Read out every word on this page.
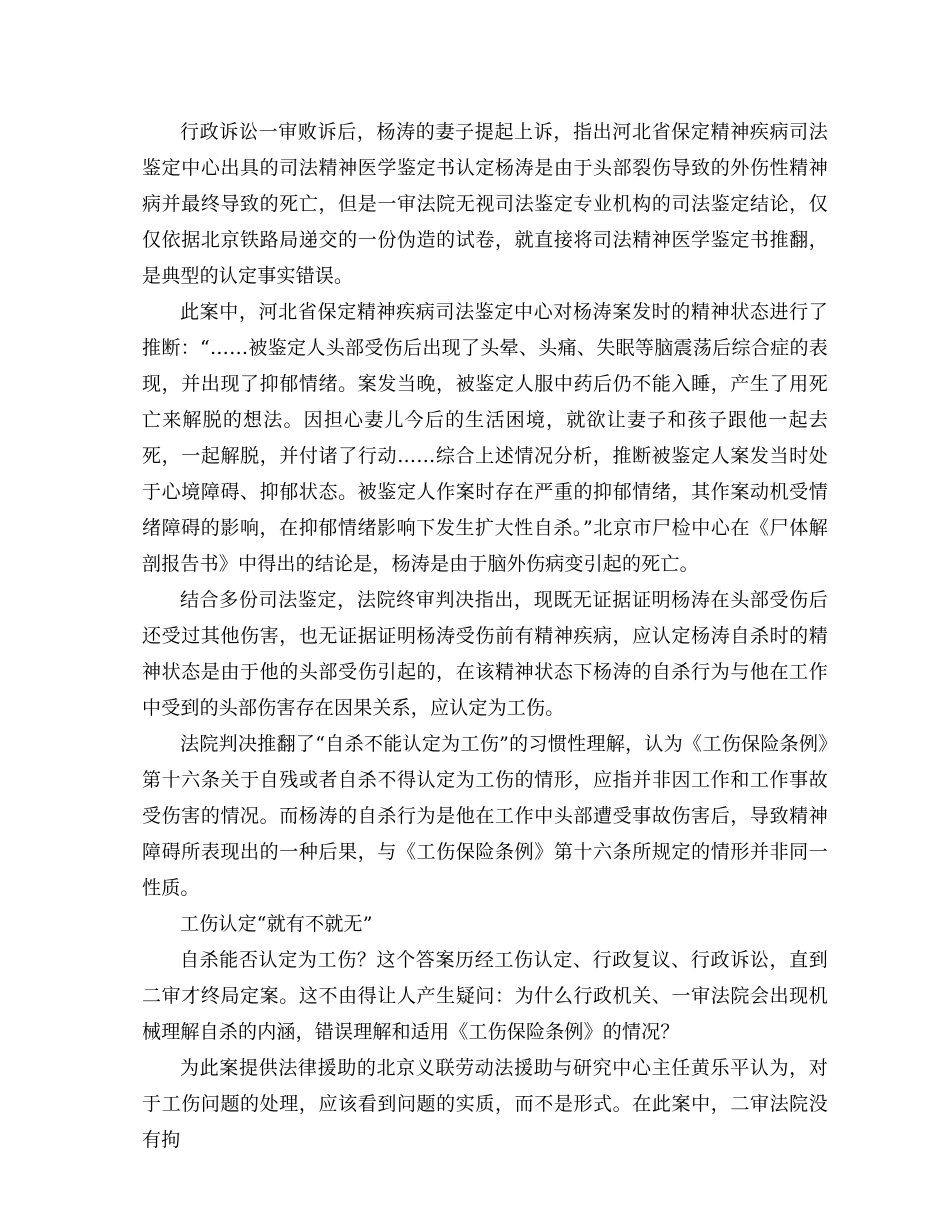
行政诉讼一审败诉后，杨涛的妻子提起上诉，指出河北省保定精神疾病司法鉴定中心出具的司法精神医学鉴定书认定杨涛是由于头部裂伤导致的外伤性精神病并最终导致的死亡，但是一审法院无视司法鉴定专业机构的司法鉴定结论，仅仅依据北京铁路局递交的一份伪造的试卷，就直接将司法精神医学鉴定书推翻，是典型的认定事实错误。

此案中，河北省保定精神疾病司法鉴定中心对杨涛案发时的精神状态进行了推断：“……被鉴定人头部受伤后出现了头晕、头痛、失眠等脑震荡后综合症的表现，并出现了抑郁情绪。案发当晚，被鉴定人服中药后仍不能入睡，产生了用死亡来解脱的想法。因担心妻儿今后的生活困境，就欲让妻子和孩子跟他一起去死，一起解脱，并付诸了行动……综合上述情况分析，推断被鉴定人案发当时处于心境障碍、抑郁状态。被鉴定人作案时存在严重的抑郁情绪，其作案动机受情绪障碍的影响，在抑郁情绪影响下发生扩大性自杀。”北京市尸检中心在《尸体解剖报告书》中得出的结论是，杨涛是由于脑外伤病变引起的死亡。

结合多份司法鉴定，法院终审判决指出，现既无证据证明杨涛在头部受伤后还受过其他伤害，也无证据证明杨涛受伤前有精神疾病，应认定杨涛自杀时的精神状态是由于他的头部受伤引起的，在该精神状态下杨涛的自杀行为与他在工作中受到的头部伤害存在因果关系，应认定为工伤。

法院判决推翻了“自杀不能认定为工伤”的习惯性理解，认为《工伤保险条例》第十六条关于自残或者自杀不得认定为工伤的情形，应指并非因工作和工作事故受伤害的情况。而杨涛的自杀行为是他在工作中头部遭受事故伤害后，导致精神障碍所表现出的一种后果，与《工伤保险条例》第十六条所规定的情形并非同一性质。

工伤认定“就有不就无”

自杀能否认定为工伤？这个答案历经工伤认定、行政复议、行政诉讼，直到二审才终局定案。这不由得让人产生疑问：为什么行政机关、一审法院会出现机械理解自杀的内涵，错误理解和适用《工伤保险条例》的情况？

为此案提供法律援助的北京义联劳动法援助与研究中心主任黄乐平认为，对于工伤问题的处理，应该看到问题的实质，而不是形式。在此案中，二审法院没有拘
